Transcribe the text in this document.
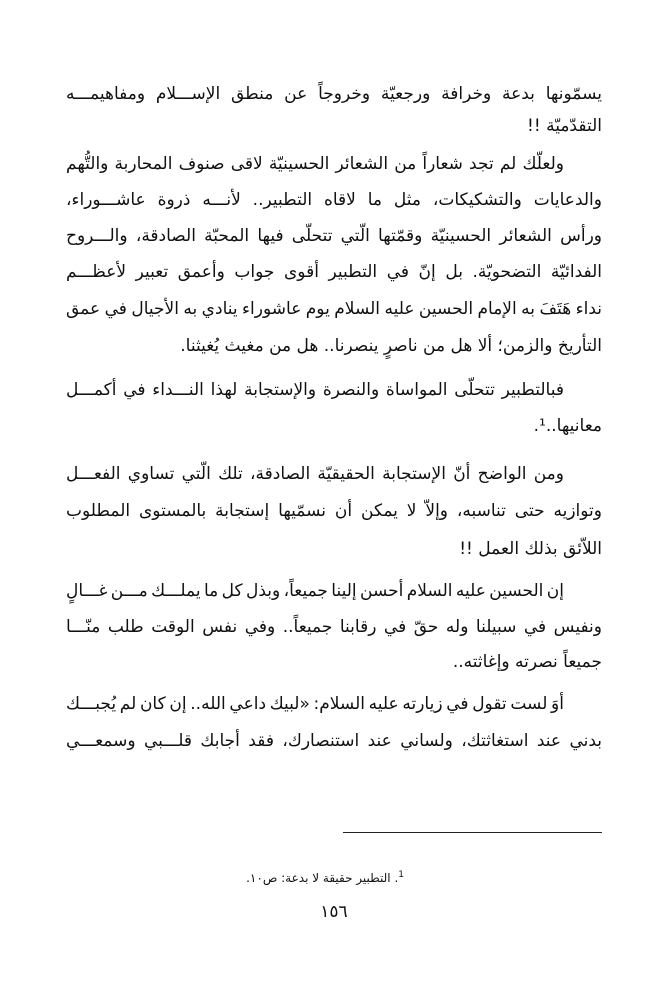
يسمّونها بدعة وخرافة ورجعيّة وخروجاً عن منطق الإســـلام ومفاهيمـــه
التقدّميّة !!
ولعلّك لم تجد شعاراً من الشعائر الحسينيّة لاقى صنوف المحاربة والتُّهم
والدعايات والتشكيكات، مثل ما لاقاه التطبير.. لأنـــه ذروة عاشـــوراء،
ورأس الشعائر الحسينيّة وقمّتها الّتي تتحلّى فيها المحبّة الصادقة، والـــروح
الفدائيّة التضحويّة. بل إنّ في التطبير أقوى جواب وأعمق تعبير لأعظـــم
نداء هَتَفَ به الإمام الحسين عليه السلام يوم عاشوراء ينادي به الأجيال في عمق
التأريخ والزمن؛ ألا هل من ناصرٍ ينصرنا.. هل من مغيث يُغيثنا.
فبالتطبير تتحلّى المواساة والنصرة والإستجابة لهذا النـــداء في أكمـــل
معانيها..¹.
ومن الواضح أنّ الإستجابة الحقيقيّة الصادقة، تلك الّتي تساوي الفعـــل
وتوازيه حتى تناسبه، وإلاّ لا يمكن أن نسمّيها إستجابة بالمستوى المطلوب
اللاّئق بذلك العمل !!
إن الحسين عليه السلام أحسن إلينا جميعاً، وبذل كل ما يملـــك مـــن غـــالٍ
ونفيس في سبيلنا وله حقّ في رقابنا جميعاً.. وفي نفس الوقت طلب منّـــا
جميعاً نصرته وإغاثته..
أوَ لست تقول في زيارته عليه السلام: «لبيك داعي الله.. إن كان لم يُجبـــك
بدني عند استغاثتك، ولساني عند استنصارك، فقد أجابك قلـــبي وسمعـــي
$^1$. التطبير حقيقة لا بدعة: ص١٠.
١٥٦
